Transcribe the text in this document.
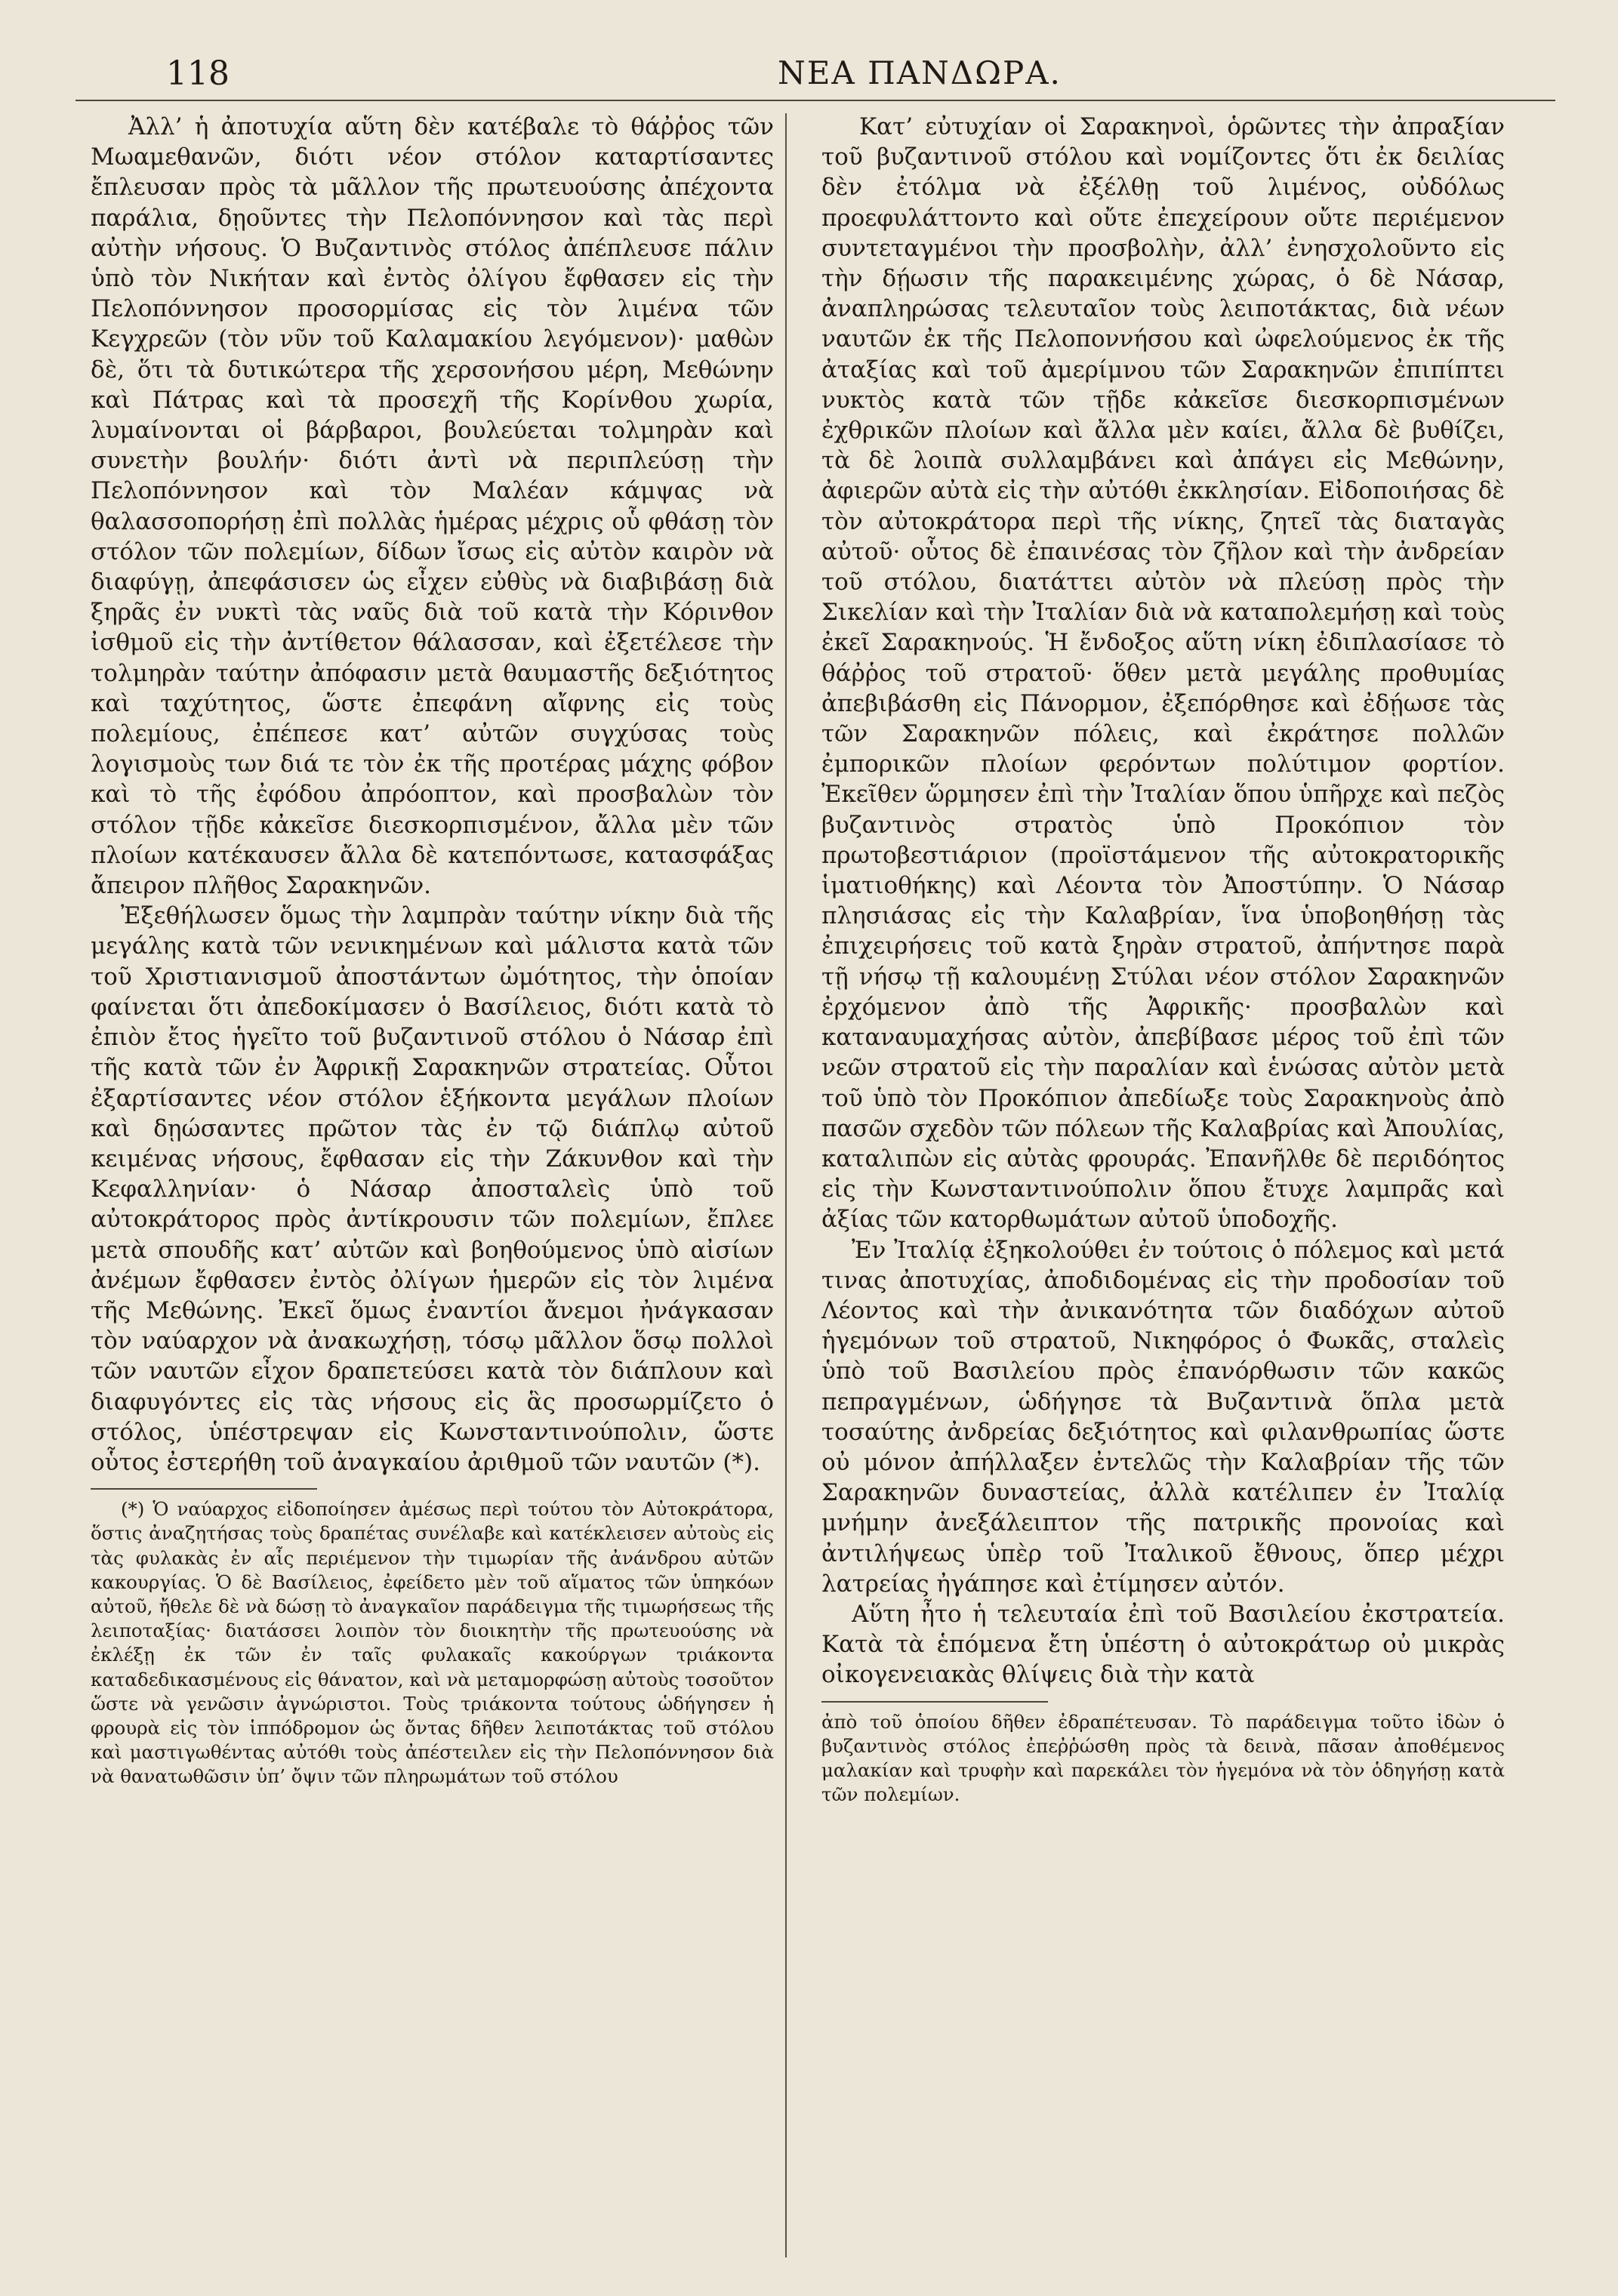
118	ΝΕΑ ΠΑΝΔΩΡΑ.

Ἀλλ’ ἡ ἀποτυχία αὕτη δὲν κατέβαλε τὸ θάῤῥος τῶν Μωαμεθανῶν, διότι νέον στόλον καταρτίσαντες ἔπλευσαν πρὸς τὰ μᾶλλον τῆς πρωτευούσης ἀπέχοντα παράλια, δῃοῦντες τὴν Πελοπόννησον καὶ τὰς περὶ αὐτὴν νήσους. Ὁ Βυζαντινὸς στόλος ἀπέπλευσε πάλιν ὑπὸ τὸν Νικήταν καὶ ἐντὸς ὀλίγου ἔφθασεν εἰς τὴν Πελοπόννησον προσορμίσας εἰς τὸν λιμένα τῶν Κεγχρεῶν (τὸν νῦν τοῦ Καλαμακίου λεγόμενον)· μαθὼν δὲ, ὅτι τὰ δυτικώτερα τῆς χερσονήσου μέρη, Μεθώνην καὶ Πάτρας καὶ τὰ προσεχῆ τῆς Κορίνθου χωρία, λυμαίνονται οἱ βάρβαροι, βουλεύεται τολμηρὰν καὶ συνετὴν βουλήν· διότι ἀντὶ νὰ περιπλεύσῃ τὴν Πελοπόννησον καὶ τὸν Μαλέαν κάμψας νὰ θαλασσοπορήσῃ ἐπὶ πολλὰς ἡμέρας μέχρις οὗ φθάσῃ τὸν στόλον τῶν πολεμίων, δίδων ἴσως εἰς αὐτὸν καιρὸν νὰ διαφύγῃ, ἀπεφάσισεν ὡς εἶχεν εὐθὺς νὰ διαβιβάσῃ διὰ ξηρᾶς ἐν νυκτὶ τὰς ναῦς διὰ τοῦ κατὰ τὴν Κόρινθον ἰσθμοῦ εἰς τὴν ἀντίθετον θάλασσαν, καὶ ἐξετέλεσε τὴν τολμηρὰν ταύτην ἀπόφασιν μετὰ θαυμαστῆς δεξιότητος καὶ ταχύτητος, ὥστε ἐπεφάνη αἴφνης εἰς τοὺς πολεμίους, ἐπέπεσε κατ’ αὐτῶν συγχύσας τοὺς λογισμοὺς των διά τε τὸν ἐκ τῆς προτέρας μάχης φόβον καὶ τὸ τῆς ἐφόδου ἀπρόοπτον, καὶ προσβαλὼν τὸν στόλον τῇδε κἀκεῖσε διεσκορπισμένον, ἄλλα μὲν τῶν πλοίων κατέκαυσεν ἄλλα δὲ κατεπόντωσε, κατασφάξας ἄπειρον πλῆθος Σαρακηνῶν.

Ἐξεθήλωσεν ὅμως τὴν λαμπρὰν ταύτην νίκην διὰ τῆς μεγάλης κατὰ τῶν νενικημένων καὶ μάλιστα κατὰ τῶν τοῦ Χριστιανισμοῦ ἀποστάντων ὠμότητος, τὴν ὁποίαν φαίνεται ὅτι ἀπεδοκίμασεν ὁ Βασίλειος, διότι κατὰ τὸ ἐπιὸν ἔτος ἡγεῖτο τοῦ βυζαντινοῦ στόλου ὁ Νάσαρ ἐπὶ τῆς κατὰ τῶν ἐν Ἀφρικῇ Σαρακηνῶν στρατείας. Οὗτοι ἐξαρτίσαντες νέον στόλον ἑξήκοντα μεγάλων πλοίων καὶ δῃώσαντες πρῶτον τὰς ἐν τῷ διάπλῳ αὐτοῦ κειμένας νήσους, ἔφθασαν εἰς τὴν Ζάκυνθον καὶ τὴν Κεφαλληνίαν· ὁ Νάσαρ ἀποσταλεὶς ὑπὸ τοῦ αὐτοκράτορος πρὸς ἀντίκρουσιν τῶν πολεμίων, ἔπλεε μετὰ σπουδῆς κατ’ αὐτῶν καὶ βοηθούμενος ὑπὸ αἰσίων ἀνέμων ἔφθασεν ἐντὸς ὀλίγων ἡμερῶν εἰς τὸν λιμένα τῆς Μεθώνης. Ἐκεῖ ὅμως ἐναντίοι ἄνεμοι ἠνάγκασαν τὸν ναύαρχον νὰ ἀνακωχήσῃ, τόσῳ μᾶλλον ὅσῳ πολλοὶ τῶν ναυτῶν εἶχον δραπετεύσει κατὰ τὸν διάπλουν καὶ διαφυγόντες εἰς τὰς νήσους εἰς ἃς προσωρμίζετο ὁ στόλος, ὑπέστρεψαν εἰς Κωνσταντινούπολιν, ὥστε οὗτος ἐστερήθη τοῦ ἀναγκαίου ἀριθμοῦ τῶν ναυτῶν (*).

(*) Ὁ ναύαρχος εἰδοποίησεν ἀμέσως περὶ τούτου τὸν Αὐτοκράτορα, ὅστις ἀναζητήσας τοὺς δραπέτας συνέλαβε καὶ κατέκλεισεν αὐτοὺς εἰς τὰς φυλακὰς ἐν αἷς περιέμενον τὴν τιμωρίαν τῆς ἀνάνδρου αὐτῶν κακουργίας. Ὁ δὲ Βασίλειος, ἐφείδετο μὲν τοῦ αἵματος τῶν ὑπηκόων αὐτοῦ, ἤθελε δὲ νὰ δώσῃ τὸ ἀναγκαῖον παράδειγμα τῆς τιμωρήσεως τῆς λειποταξίας· διατάσσει λοιπὸν τὸν διοικητὴν τῆς πρωτευούσης νὰ ἐκλέξῃ ἐκ τῶν ἐν ταῖς φυλακαῖς κακούργων τριάκοντα καταδεδικασμένους εἰς θάνατον, καὶ νὰ μεταμορφώσῃ αὐτοὺς τοσοῦτον ὥστε νὰ γενῶσιν ἀγνώριστοι. Τοὺς τριάκοντα τούτους ὡδήγησεν ἡ φρουρὰ εἰς τὸν ἱππόδρομον ὡς ὄντας δῆθεν λειποτάκτας τοῦ στόλου καὶ μαστιγωθέντας αὐτόθι τοὺς ἀπέστειλεν εἰς τὴν Πελοπόννησον διὰ νὰ θανατωθῶσιν ὑπ’ ὄψιν τῶν πληρωμάτων τοῦ στόλου

Κατ’ εὐτυχίαν οἱ Σαρακηνοὶ, ὁρῶντες τὴν ἀπραξίαν τοῦ βυζαντινοῦ στόλου καὶ νομίζοντες ὅτι ἐκ δειλίας δὲν ἐτόλμα νὰ ἐξέλθῃ τοῦ λιμένος, οὐδόλως προεφυλάττοντο καὶ οὔτε ἐπεχείρουν οὔτε περιέμενον συντεταγμένοι τὴν προσβολὴν, ἀλλ’ ἐνησχολοῦντο εἰς τὴν δῄωσιν τῆς παρακειμένης χώρας, ὁ δὲ Νάσαρ, ἀναπληρώσας τελευταῖον τοὺς λειποτάκτας, διὰ νέων ναυτῶν ἐκ τῆς Πελοποννήσου καὶ ὠφελούμενος ἐκ τῆς ἀταξίας καὶ τοῦ ἀμερίμνου τῶν Σαρακηνῶν ἐπιπίπτει νυκτὸς κατὰ τῶν τῇδε κἀκεῖσε διεσκορπισμένων ἐχθρικῶν πλοίων καὶ ἄλλα μὲν καίει, ἄλλα δὲ βυθίζει, τὰ δὲ λοιπὰ συλλαμβάνει καὶ ἀπάγει εἰς Μεθώνην, ἀφιερῶν αὐτὰ εἰς τὴν αὐτόθι ἐκκλησίαν. Εἰδοποιήσας δὲ τὸν αὐτοκράτορα περὶ τῆς νίκης, ζητεῖ τὰς διαταγὰς αὐτοῦ· οὗτος δὲ ἐπαινέσας τὸν ζῆλον καὶ τὴν ἀνδρείαν τοῦ στόλου, διατάττει αὐτὸν νὰ πλεύσῃ πρὸς τὴν Σικελίαν καὶ τὴν Ἰταλίαν διὰ νὰ καταπολεμήσῃ καὶ τοὺς ἐκεῖ Σαρακηνούς. Ἡ ἔνδοξος αὕτη νίκη ἐδιπλασίασε τὸ θάῤῥος τοῦ στρατοῦ· ὅθεν μετὰ μεγάλης προθυμίας ἀπεβιβάσθη εἰς Πάνορμον, ἐξεπόρθησε καὶ ἐδῄωσε τὰς τῶν Σαρακηνῶν πόλεις, καὶ ἐκράτησε πολλῶν ἐμπορικῶν πλοίων φερόντων πολύτιμον φορτίον. Ἐκεῖθεν ὥρμησεν ἐπὶ τὴν Ἰταλίαν ὅπου ὑπῆρχε καὶ πεζὸς βυζαντινὸς στρατὸς ὑπὸ Προκόπιον τὸν πρωτοβεστιάριον (προϊστάμενον τῆς αὐτοκρατορικῆς ἱματιοθήκης) καὶ Λέοντα τὸν Ἀποστύπην. Ὁ Νάσαρ πλησιάσας εἰς τὴν Καλαβρίαν, ἵνα ὑποβοηθήσῃ τὰς ἐπιχειρήσεις τοῦ κατὰ ξηρὰν στρατοῦ, ἀπήντησε παρὰ τῇ νήσῳ τῇ καλουμένῃ Στύλαι νέον στόλον Σαρακηνῶν ἐρχόμενον ἀπὸ τῆς Ἀφρικῆς· προσβαλὼν καὶ καταναυμαχήσας αὐτὸν, ἀπεβίβασε μέρος τοῦ ἐπὶ τῶν νεῶν στρατοῦ εἰς τὴν παραλίαν καὶ ἑνώσας αὐτὸν μετὰ τοῦ ὑπὸ τὸν Προκόπιον ἀπεδίωξε τοὺς Σαρακηνοὺς ἀπὸ πασῶν σχεδὸν τῶν πόλεων τῆς Καλαβρίας καὶ Ἀπουλίας, καταλιπὼν εἰς αὐτὰς φρουράς. Ἐπανῆλθε δὲ περιδόητος εἰς τὴν Κωνσταντινούπολιν ὅπου ἔτυχε λαμπρᾶς καὶ ἀξίας τῶν κατορθωμάτων αὐτοῦ ὑποδοχῆς.

Ἐν Ἰταλίᾳ ἐξηκολούθει ἐν τούτοις ὁ πόλεμος καὶ μετά τινας ἀποτυχίας, ἀποδιδομένας εἰς τὴν προδοσίαν τοῦ Λέοντος καὶ τὴν ἀνικανότητα τῶν διαδόχων αὐτοῦ ἡγεμόνων τοῦ στρατοῦ, Νικηφόρος ὁ Φωκᾶς, σταλεὶς ὑπὸ τοῦ Βασιλείου πρὸς ἐπανόρθωσιν τῶν κακῶς πεπραγμένων, ὡδήγησε τὰ Βυζαντινὰ ὅπλα μετὰ τοσαύτης ἀνδρείας δεξιότητος καὶ φιλανθρωπίας ὥστε οὐ μόνον ἀπήλλαξεν ἐντελῶς τὴν Καλαβρίαν τῆς τῶν Σαρακηνῶν δυναστείας, ἀλλὰ κατέλιπεν ἐν Ἰταλίᾳ μνήμην ἀνεξάλειπτον τῆς πατρικῆς προνοίας καὶ ἀντιλήψεως ὑπὲρ τοῦ Ἰταλικοῦ ἔθνους, ὅπερ μέχρι λατρείας ἠγάπησε καὶ ἐτίμησεν αὐτόν.

Αὕτη ἦτο ἡ τελευταία ἐπὶ τοῦ Βασιλείου ἐκστρατεία. Κατὰ τὰ ἑπόμενα ἔτη ὑπέστη ὁ αὐτοκράτωρ οὐ μικρὰς οἰκογενειακὰς θλίψεις διὰ τὴν κατὰ

ἀπὸ τοῦ ὁποίου δῆθεν ἐδραπέτευσαν. Τὸ παράδειγμα τοῦτο ἰδὼν ὁ βυζαντινὸς στόλος ἐπεῤῥώσθη πρὸς τὰ δεινὰ, πᾶσαν ἀποθέμενος μαλακίαν καὶ τρυφὴν καὶ παρεκάλει τὸν ἡγεμόνα νὰ τὸν ὁδηγήσῃ κατὰ τῶν πολεμίων.
